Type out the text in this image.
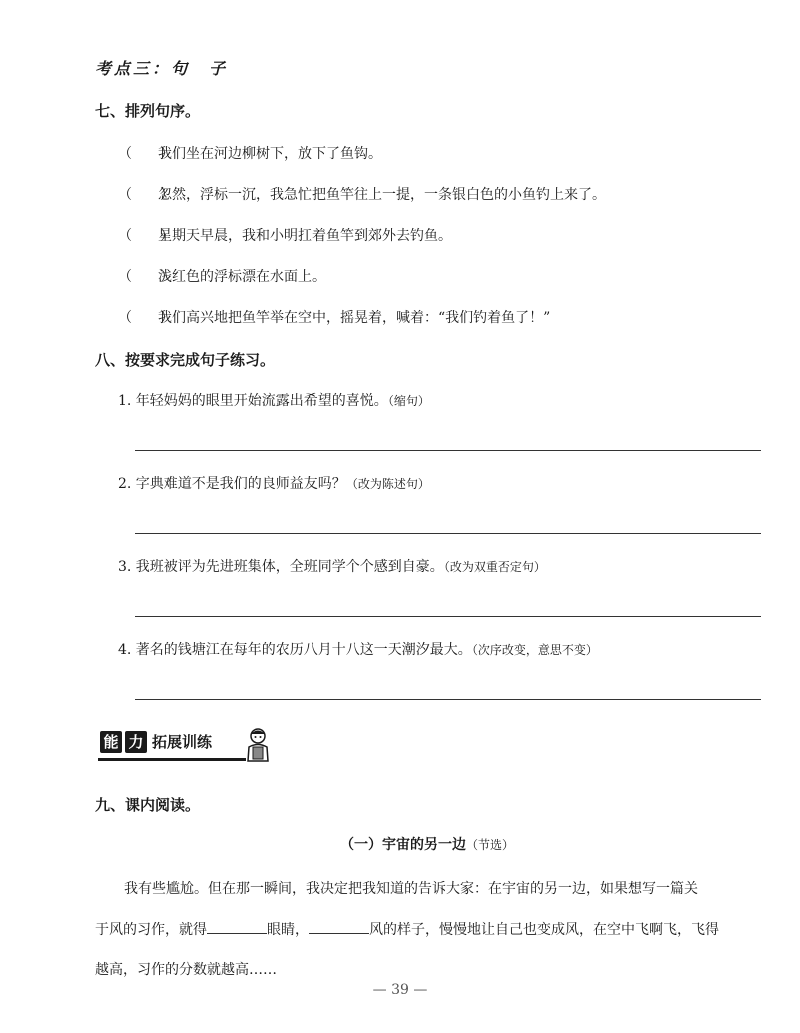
考点三：句　子
七、排列句序。
（　　）我们坐在河边柳树下，放下了鱼钩。
（　　）忽然，浮标一沉，我急忙把鱼竿往上一提，一条银白色的小鱼钓上来了。
（　　）星期天早晨，我和小明扛着鱼竿到郊外去钓鱼。
（　　）浅红色的浮标漂在水面上。
（　　）我们高兴地把鱼竿举在空中，摇晃着，喊着：“我们钓着鱼了！”
八、按要求完成句子练习。
1. 年轻妈妈的眼里开始流露出希望的喜悦。（缩句）
2. 字典难道不是我们的良师益友吗？（改为陈述句）
3. 我班被评为先进班集体，全班同学个个感到自豪。（改为双重否定句）
4. 著名的钱塘江在每年的农历八月十八这一天潮汐最大。（次序改变，意思不变）
能 力 拓展训练
九、课内阅读。
（一）宇宙的另一边（节选）
我有些尴尬。但在那一瞬间，我决定把我知道的告诉大家：在宇宙的另一边，如果想写一篇关
于风的习作，就得	眼睛，	风的样子，慢慢地让自己也变成风，在空中飞啊飞，飞得
越高，习作的分数就越高……
— 39 —
